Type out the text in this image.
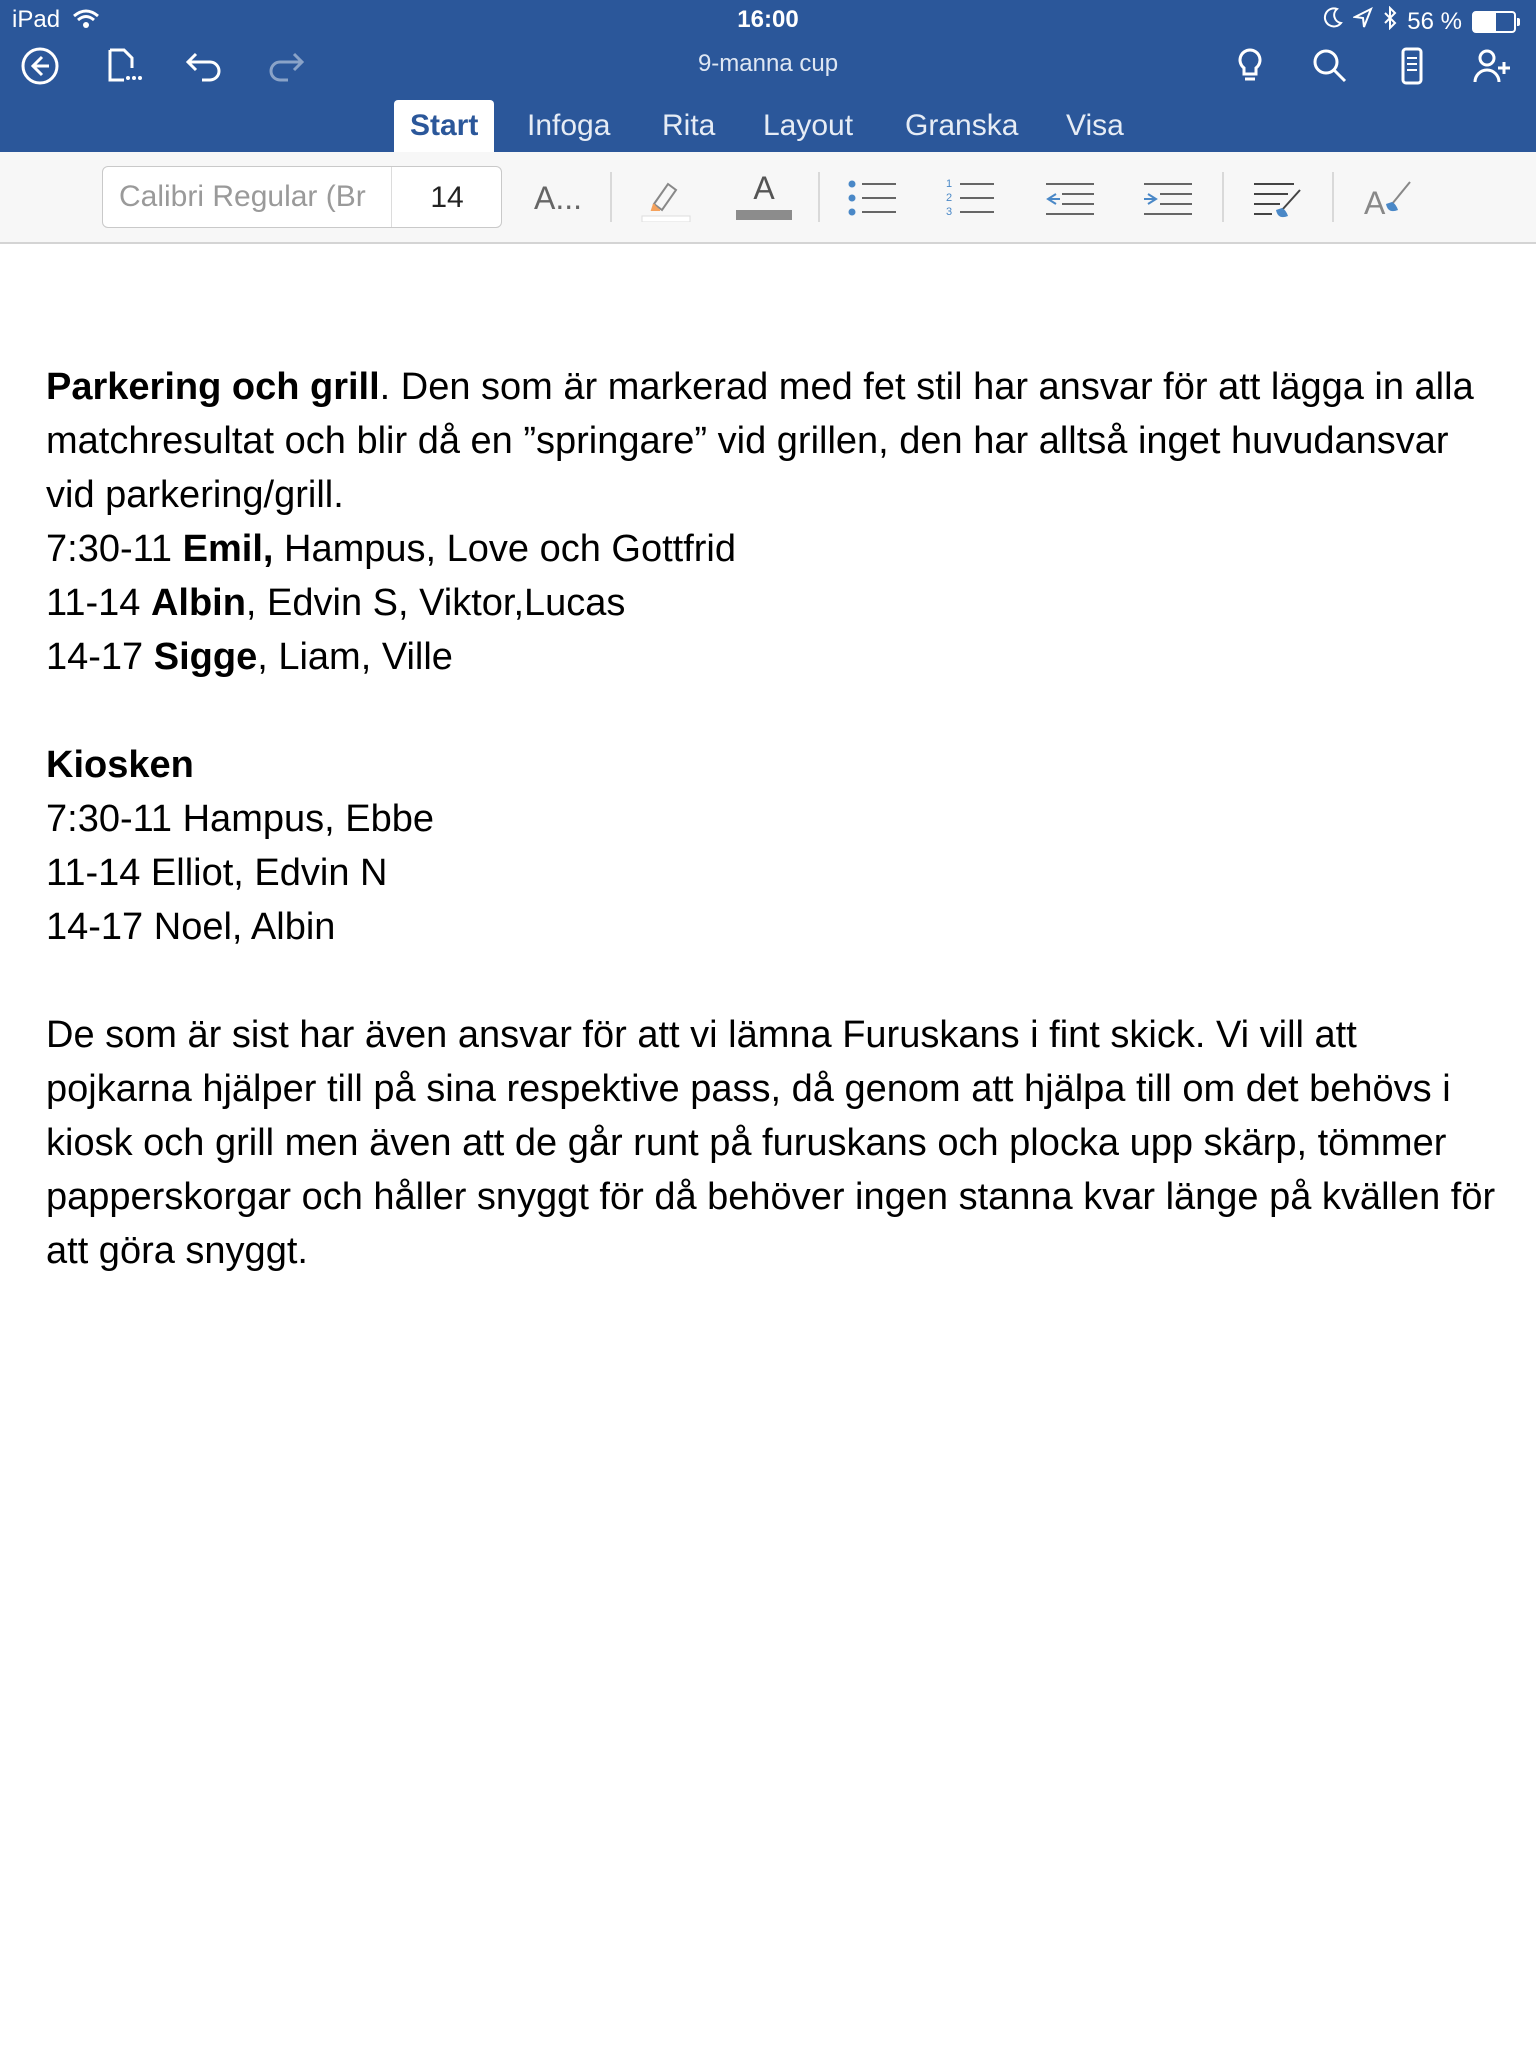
iPad	16:00	56 %
9-manna cup
Start	Infoga	Rita	Layout	Granska	Visa
Calibri Regular (Br	14	A...	A	1
2
3	A

Parkering och grill. Den som är markerad med fet stil har ansvar för att lägga in alla matchresultat och blir då en ”springare” vid grillen, den har alltså inget huvudansvar vid parkering/grill.

7:30-11 Emil, Hampus, Love och Gottfrid

11-14 Albin, Edvin S, Viktor,Lucas

14-17 Sigge, Liam, Ville

Kiosken

7:30-11 Hampus, Ebbe

11-14 Elliot, Edvin N

14-17 Noel, Albin

De som är sist har även ansvar för att vi lämna Furuskans i fint skick. Vi vill att pojkarna hjälper till på sina respektive pass, då genom att hjälpa till om det behövs i kiosk och grill men även att de går runt på furuskans och plocka upp skärp, tömmer papperskorgar och håller snyggt för då behöver ingen stanna kvar länge på kvällen för att göra snyggt.
